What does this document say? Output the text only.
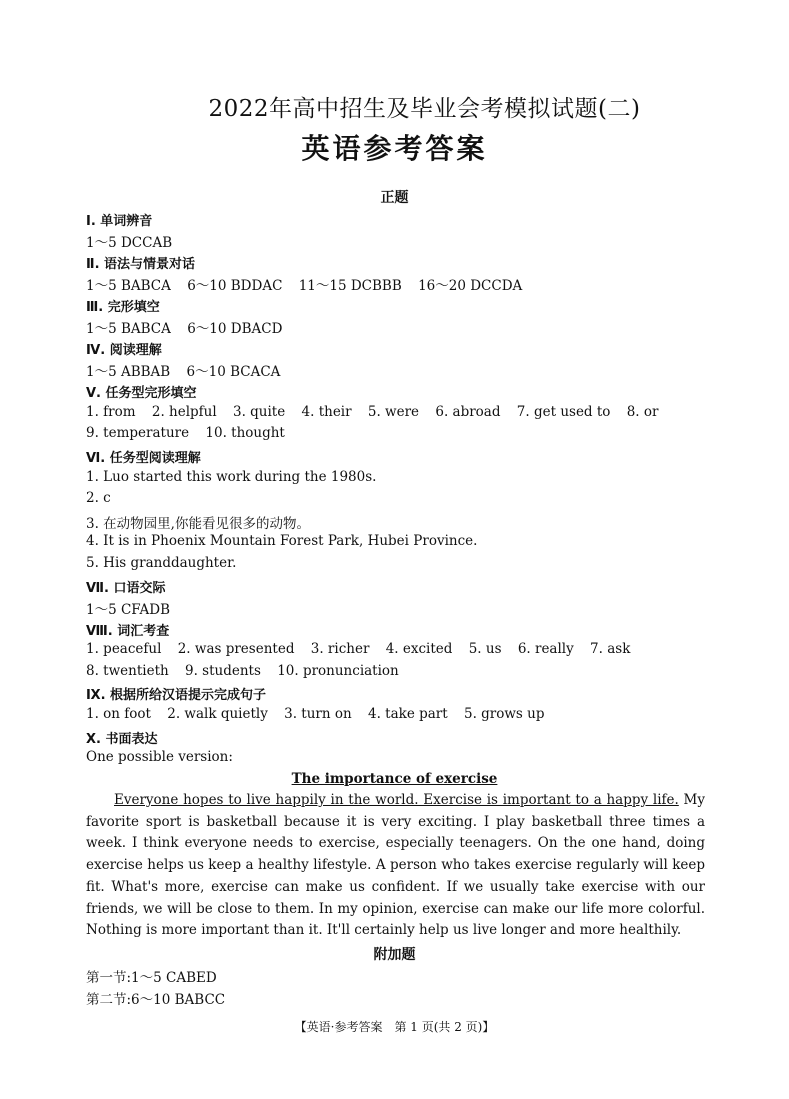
2022年高中招生及毕业会考模拟试题(二)
英语参考答案
正题
Ⅰ. 单词辨音
1～5 DCCAB
Ⅱ. 语法与情景对话
1～5 BABCA 6～10 BDDAC 11～15 DCBBB 16～20 DCCDA
Ⅲ. 完形填空
1～5 BABCA 6～10 DBACD
Ⅳ. 阅读理解
1～5 ABBAB 6～10 BCACA
Ⅴ. 任务型完形填空
1. from 2. helpful 3. quite 4. their 5. were 6. abroad 7. get used to 8. or
9. temperature 10. thought
Ⅵ. 任务型阅读理解
1. Luo started this work during the 1980s.
2. c
3. 在动物园里,你能看见很多的动物。
4. It is in Phoenix Mountain Forest Park, Hubei Province.
5. His granddaughter.
Ⅶ. 口语交际
1～5 CFADB
Ⅷ. 词汇考查
1. peaceful 2. was presented 3. richer 4. excited 5. us 6. really 7. ask
8. twentieth 9. students 10. pronunciation
Ⅸ. 根据所给汉语提示完成句子
1. on foot 2. walk quietly 3. turn on 4. take part 5. grows up
Ⅹ. 书面表达
One possible version:
The importance of exercise

Everyone hopes to live happily in the world. Exercise is important to a happy life. My favorite sport is basketball because it is very exciting. I play basketball three times a week. I think everyone needs to exercise, especially teenagers. On the one hand, doing exercise helps us keep a healthy lifestyle. A person who takes exercise regularly will keep fit. What's more, exercise can make us confident. If we usually take exercise with our friends, we will be close to them. In my opinion, exercise can make our life more colorful. Nothing is more important than it. It'll certainly help us live longer and more healthily.

附加题
第一节:1～5 CABED
第二节:6～10 BABCC
【英语·参考答案　第 1 页(共 2 页)】
